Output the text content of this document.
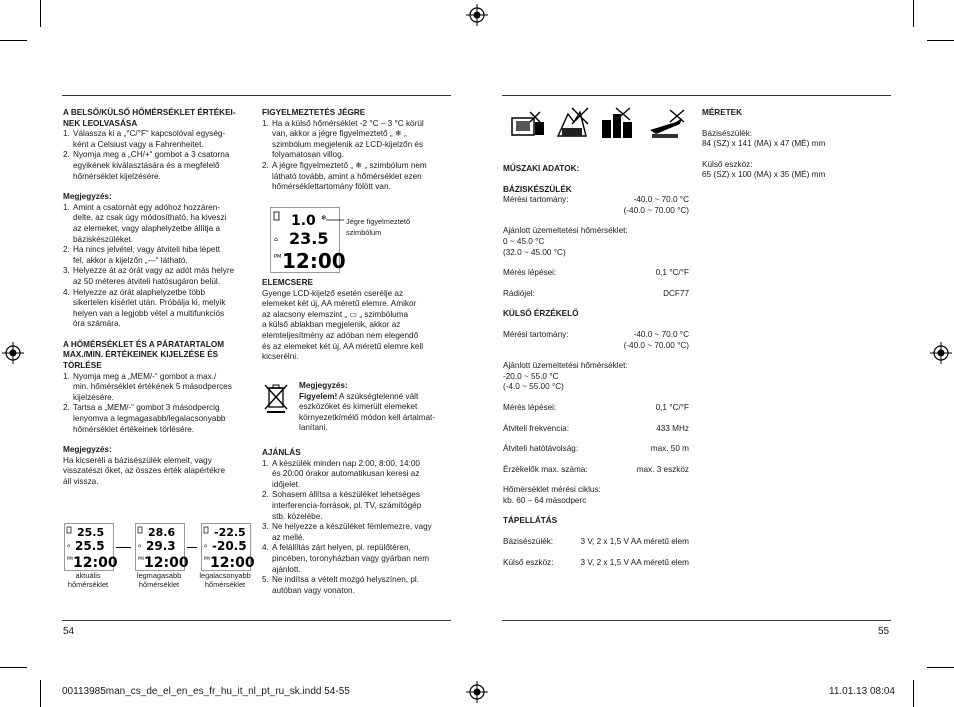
A BELSŐ/KÜLSŐ HŐMÉRSÉKLET ÉRTÉKEI-

NEK LEOLVASÁSA

1. Válassza ki a „°C/°F“ kapcsolóval egység-
ként a Celsiust vagy a Fahrenheitet.
2. Nyomja meg a „CH/+“ gombot a 3 csatorna
egyikének kiválasztására és a megfelelő
hőmérséklet kijelzésére.

Megjegyzés:

1. Amint a csatornát egy adóhoz hozzáren-
delte, az csak úgy módosítható, ha kiveszi
az elemeket, vagy alaphelyzetbe állítja a
báziskészüléket.
2. Ha nincs jelvétel, vagy átviteli hiba lépett
fel, akkor a kijelzőn „---“ látható.
3. Helyezze át az órát vagy az adót más helyre
az 50 méteres átviteli hatósugáron belül.
4. Helyezze az órát alaphelyzetbe több
sikertelen kísérlet után. Próbálja ki, melyik
helyen van a legjobb vétel a multifunkciós
óra számára.

A HŐMÉRSÉKLET ÉS A PÁRATARTALOM

MAX./MIN. ÉRTÉKEINEK KIJELZÉSE ÉS

TÖRLÉSE

1. Nyomja meg a „MEM/-“ gombot a max./
min. hőmérséklet értékének 5 másodperces
kijelzésére.
2. Tartsa a „MEM/-“ gombot 3 másodpercig
lenyomva a legmagasabb/legalacsonyabb
hőmérséklet értékeinek törlésére.

Megjegyzés:

Ha kicseréli a bázisészülék elemeit, vagy

visszatészi őket, az összes érték alapértékre

áll vissza.

25.5
⌂ 25.5
PM 12:00
aktuális
hőmérséklet
28.6
⌂ 29.3
PM 12:00
legmagasabb
hőmérséklet
-22.5
⌂ -20.5
PM 12:00
legalacsonyabb
hőmérséklet

FIGYELMEZTETÉS JÉGRE

1. Ha a külső hőmérséklet -2 °C – 3 °C körül
van, akkor a jégre figyelmeztető „ ❄ „
szimbólum megjelenik az LCD-kijelzőn és
folyamatosan villog.
2. A jégre figyelmeztető „ ❄ „ szimbólum nem
látható tovább, amint a hőmérséklet ezen
hőmérséklettartomány fölött van.
1.0 ❄
⌂ 23.5
PM 12:00
Jégre figyelmeztető
szimbólum

ELEMCSERE

Gyenge LCD-kijelző esetén cserélje az

elemeket két új, AA méretű elemre. Amikor

az alacsony elemszint „ ▭ „ szimbóluma

a külső ablakban megjelenik, akkor az

elemteljesítmény az adóban nem elegendő

és az elemeket két új, AA méretű elemre kell

kicserélni.

Megjegyzés:

Figyelem! A szükségtelenné vált

eszközöket és kimerült elemeket

környezetkímélő módon kell ártalmat-

lanítani.

AJÁNLÁS

1. A készülék minden nap 2:00, 8:00, 14:00
és 20:00 órakor automatikusan keresi az
időjelet.
2. Sohasem állítsa a készüléket lehetséges
interferencia-források, pl. TV, számítógép
stb. közelébe.
3. Ne helyezze a készüléket fémlemezre, vagy
az mellé.
4. A felállítás zárt helyen, pl. repülőtéren,
pincében, toronyházban vagy gyárban nem
ajánlott.
5. Ne indítsa a vételt mozgó helyszínen, pl.
autóban vagy vonaton.
54

MŰSZAKI ADATOK:

BÁZISKÉSZÜLÉK

Mérési tartomány:	-40.0 ~ 70.0 °C
(-40.0 ~ 70.00 °C)

Ajánlott üzemeltetési hőmérséklet:

0 ~ 45.0 °C

(32.0 ~ 45.00 °C)

Mérés lépései:	0,1 °C/°F
Rádiójel:	DCF77

KÜLSŐ ÉRZÉKELŐ

Mérési tartomány:	-40.0 ~ 70.0 °C
(-40.0 ~ 70.00 °C)

Ajánlott üzemeltetési hőmérséklet:

-20.0 ~ 55.0 °C

(-4.0 ~ 55.00 °C)

Mérés lépései:	0,1 °C/°F
Átviteli frekvencia:	433 MHz
Átviteli hatótávolság:	max. 50 m
Érzékelők max. száma:	max. 3 eszköz

Hőmérséklet mérési ciklus:

kb. 60 – 64 másodperc

TÁPELLÁTÁS

Bázisészülék:	3 V, 2 x 1,5 V AA méretű elem
Külső eszköz:	3 V, 2 x 1,5 V AA méretű elem

MÉRETEK

Bázisészülék:

84 (SZ) x 141 (MA) x 47 (MÉ) mm

Külső eszköz:

65 (SZ) x 100 (MA) x 35 (MÉ) mm

55
00113985man_cs_de_el_en_es_fr_hu_it_nl_pt_ru_sk.indd 54-55	11.01.13 08:04
